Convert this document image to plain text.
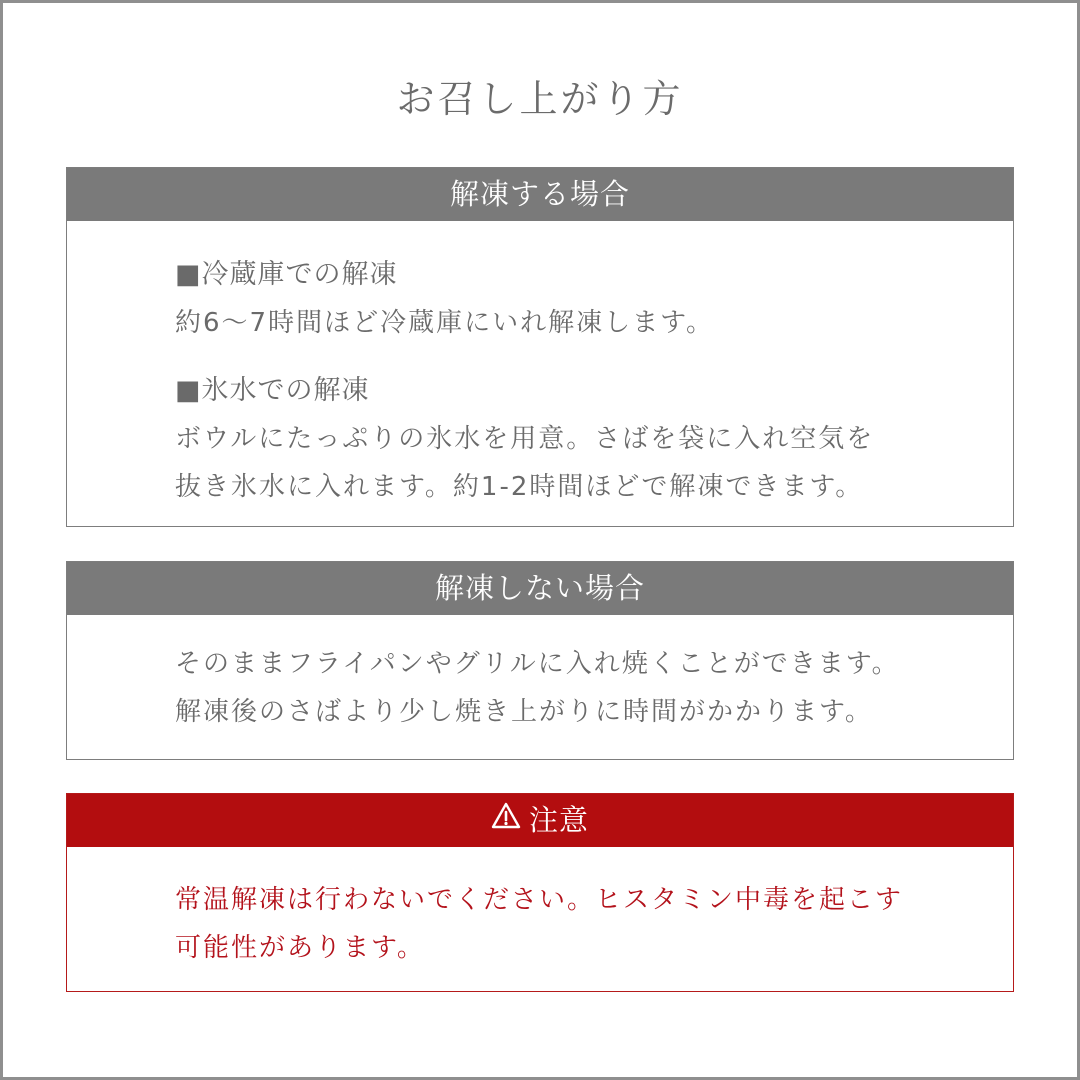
お召し上がり方
解凍する場合
■冷蔵庫での解凍
約6〜7時間ほど冷蔵庫にいれ解凍します。
■氷水での解凍
ボウルにたっぷりの氷水を用意。さばを袋に入れ空気を
抜き氷水に入れます。約1-2時間ほどで解凍できます。
解凍しない場合
そのままフライパンやグリルに入れ焼くことができます。
解凍後のさばより少し焼き上がりに時間がかかります。
注意
常温解凍は行わないでください。ヒスタミン中毒を起こす
可能性があります。
